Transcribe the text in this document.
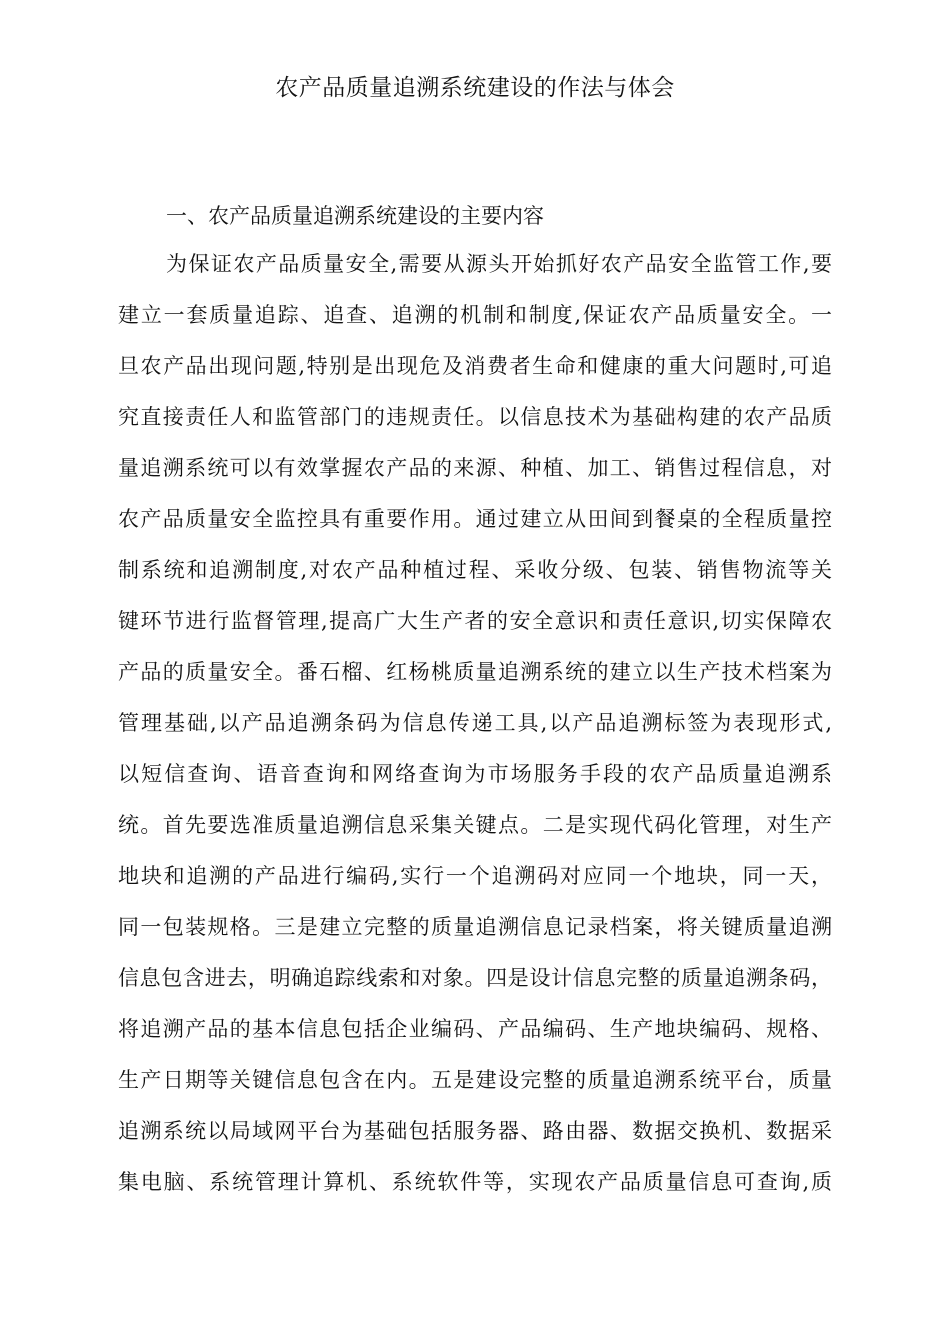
农产品质量追溯系统建设的作法与体会
一、农产品质量追溯系统建设的主要内容
为保证农产品质量安全,需要从源头开始抓好农产品安全监管工作,要
建立一套质量追踪、追查、追溯的机制和制度,保证农产品质量安全。一
旦农产品出现问题,特别是出现危及消费者生命和健康的重大问题时,可追
究直接责任人和监管部门的违规责任。以信息技术为基础构建的农产品质
量追溯系统可以有效掌握农产品的来源、种植、加工、销售过程信息，对
农产品质量安全监控具有重要作用。通过建立从田间到餐桌的全程质量控
制系统和追溯制度,对农产品种植过程、采收分级、包装、销售物流等关
键环节进行监督管理,提高广大生产者的安全意识和责任意识,切实保障农
产品的质量安全。番石榴、红杨桃质量追溯系统的建立以生产技术档案为
管理基础,以产品追溯条码为信息传递工具,以产品追溯标签为表现形式,
以短信查询、语音查询和网络查询为市场服务手段的农产品质量追溯系
统。首先要选准质量追溯信息采集关键点。二是实现代码化管理，对生产
地块和追溯的产品进行编码,实行一个追溯码对应同一个地块，同一天，
同一包装规格。三是建立完整的质量追溯信息记录档案，将关键质量追溯
信息包含进去，明确追踪线索和对象。四是设计信息完整的质量追溯条码，
将追溯产品的基本信息包括企业编码、产品编码、生产地块编码、规格、
生产日期等关键信息包含在内。五是建设完整的质量追溯系统平台，质量
追溯系统以局域网平台为基础包括服务器、路由器、数据交换机、数据采
集电脑、系统管理计算机、系统软件等，实现农产品质量信息可查询,质
